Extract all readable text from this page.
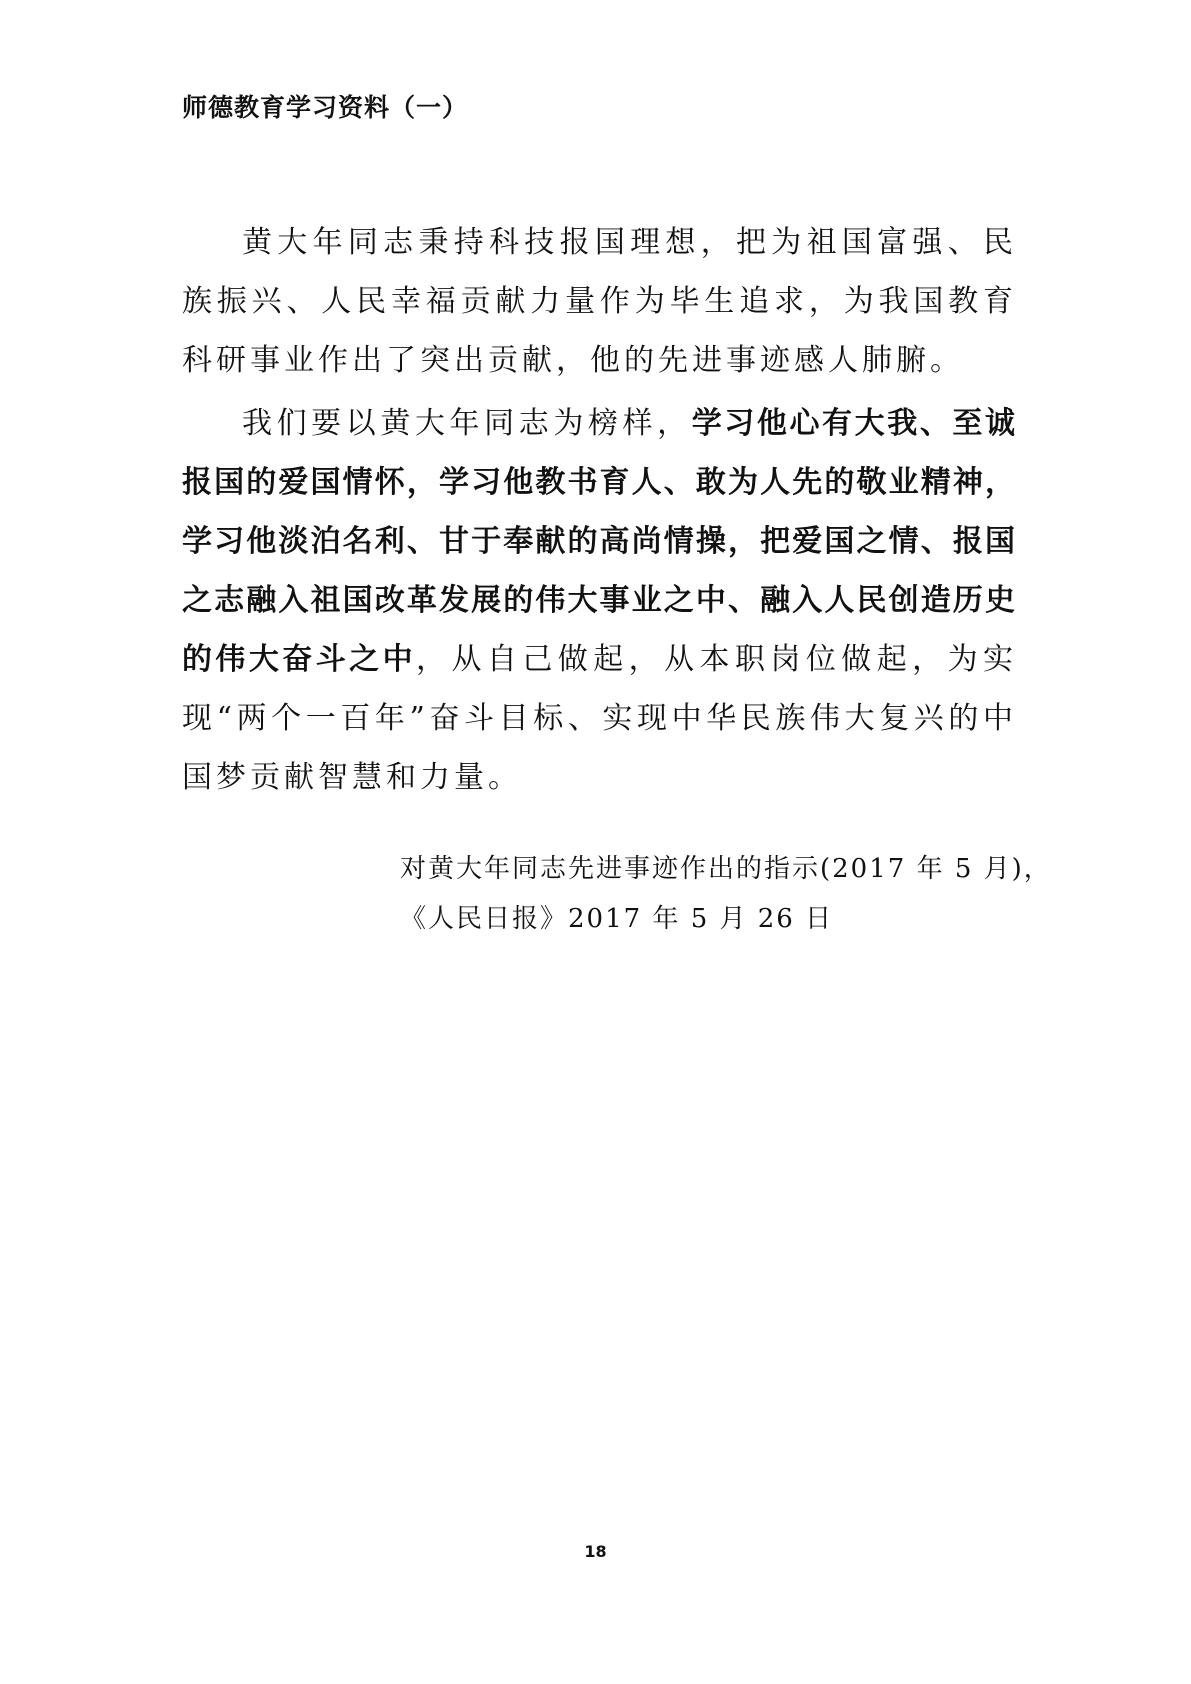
师德教育学习资料（一）

黄大年同志秉持科技报国理想，把为祖国富强、民族振兴、人民幸福贡献力量作为毕生追求，为我国教育科研事业作出了突出贡献，他的先进事迹感人肺腑。

我们要以黄大年同志为榜样，学习他心有大我、至诚报国的爱国情怀，学习他教书育人、敢为人先的敬业精神，学习他淡泊名利、甘于奉献的高尚情操，把爱国之情、报国之志融入祖国改革发展的伟大事业之中、融入人民创造历史的伟大奋斗之中，从自己做起，从本职岗位做起，为实现“两个一百年”奋斗目标、实现中华民族伟大复兴的中国梦贡献智慧和力量。

对黄大年同志先进事迹作出的指示(2017 年 5 月)，
《人民日报》2017 年 5 月 26 日
18
